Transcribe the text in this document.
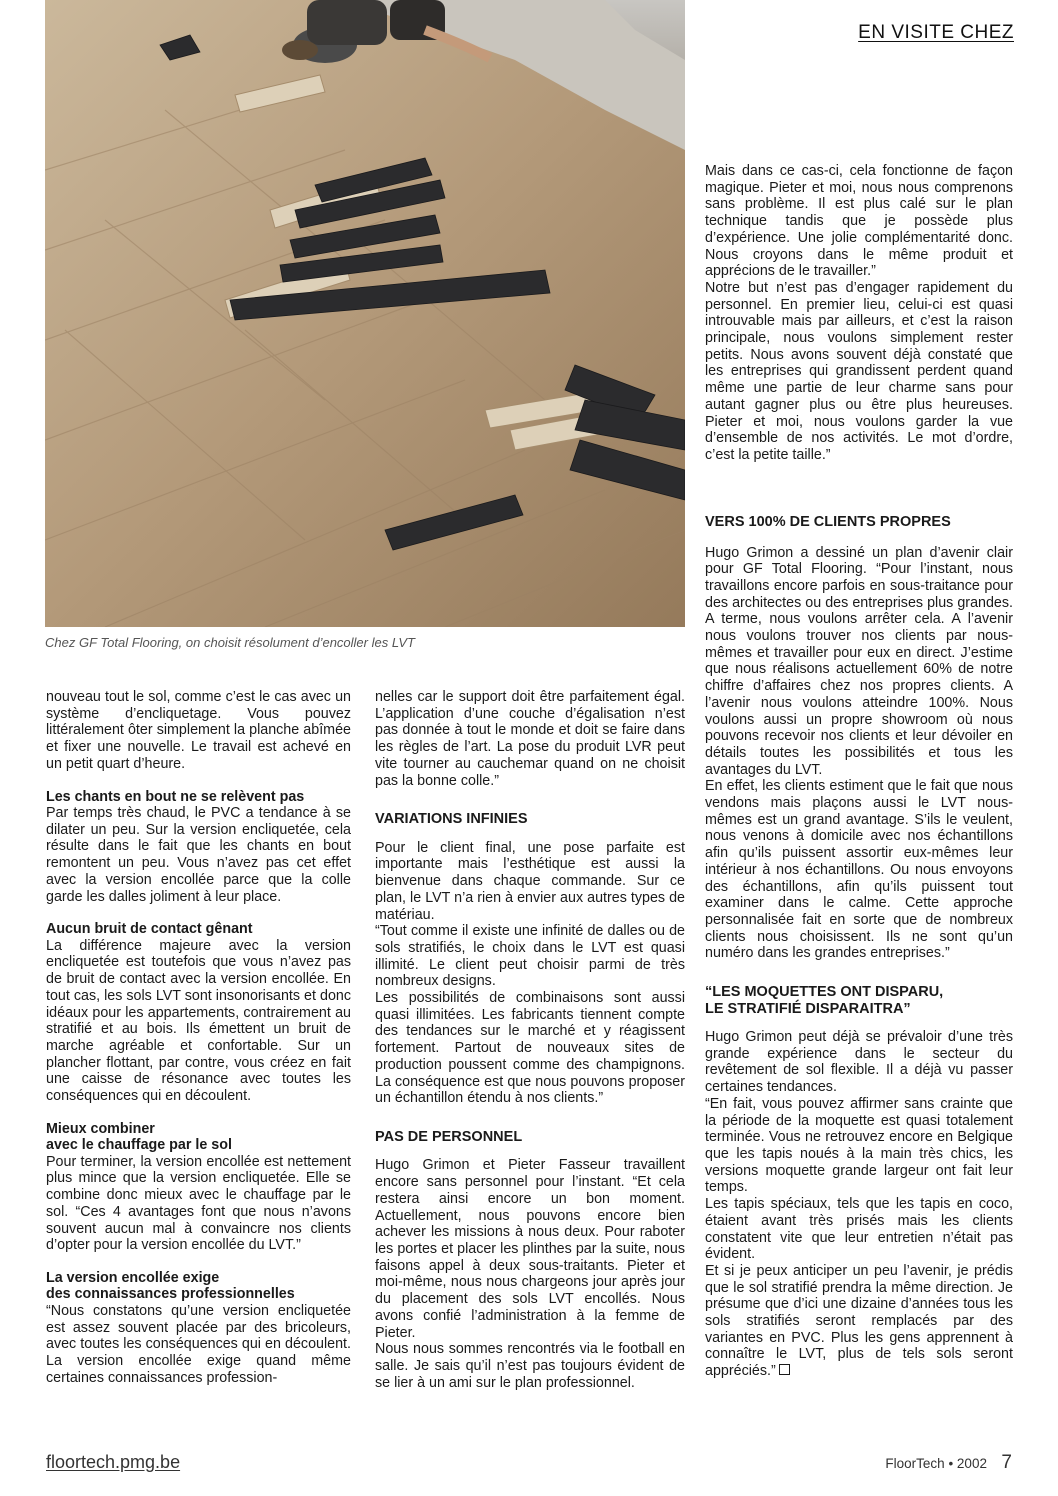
EN VISITE CHEZ
Chez GF Total Flooring, on choisit résolument d’encoller les LVT

nouveau tout le sol, comme c’est le cas avec un système d’encliquetage. Vous pouvez littéralement ôter simplement la planche abîmée et fixer une nouvelle. Le travail est achevé en un petit quart d’heure.

Les chants en bout ne se relèvent pas

Par temps très chaud, le PVC a tendance à se dilater un peu. Sur la version encliquetée, cela résulte dans le fait que les chants en bout remontent un peu. Vous n’avez pas cet effet avec la version encollée parce que la colle garde les dalles joliment à leur place.

Aucun bruit de contact gênant

La différence majeure avec la version encliquetée est toutefois que vous n’avez pas de bruit de contact avec la version encollée. En tout cas, les sols LVT sont insonorisants et donc idéaux pour les appartements, contrairement au stratifié et au bois. Ils émettent un bruit de marche agréable et confortable. Sur un plancher flottant, par contre, vous créez en fait une caisse de résonance avec toutes les conséquences qui en découlent.

Mieux combiner
avec le chauffage par le sol

Pour terminer, la version encollée est nettement plus mince que la version encliquetée. Elle se combine donc mieux avec le chauffage par le sol. “Ces 4 avantages font que nous n’avons souvent aucun mal à convaincre nos clients d’opter pour la version encollée du LVT.”

La version encollée exige
des connaissances professionnelles

“Nous constatons qu’une version encliquetée est assez souvent placée par des bricoleurs, avec toutes les conséquences qui en découlent. La version encollée exige quand même certaines connaissances profession-

nelles car le support doit être parfaitement égal. L’application d’une couche d’égalisation n’est pas donnée à tout le monde et doit se faire dans les règles de l’art. La pose du produit LVR peut vite tourner au cauchemar quand on ne choisit pas la bonne colle.”

VARIATIONS INFINIES

Pour le client final, une pose parfaite est importante mais l’esthétique est aussi la bienvenue dans chaque commande. Sur ce plan, le LVT n’a rien à envier aux autres types de matériau.

“Tout comme il existe une infinité de dalles ou de sols stratifiés, le choix dans le LVT est quasi illimité. Le client peut choisir parmi de très nombreux designs.

Les possibilités de combinaisons sont aussi quasi illimitées. Les fabricants tiennent compte des tendances sur le marché et y réagissent fortement. Partout de nouveaux sites de production poussent comme des champignons. La conséquence est que nous pouvons proposer un échantillon étendu à nos clients.”

PAS DE PERSONNEL

Hugo Grimon et Pieter Fasseur travaillent encore sans personnel pour l’instant. “Et cela restera ainsi encore un bon moment. Actuellement, nous pouvons encore bien achever les missions à nous deux. Pour raboter les portes et placer les plinthes par la suite, nous faisons appel à deux sous-traitants. Pieter et moi-même, nous nous chargeons jour après jour du placement des sols LVT encollés. Nous avons confié l’administration à la femme de Pieter.

Nous nous sommes rencontrés via le football en salle. Je sais qu’il n’est pas toujours évident de se lier à un ami sur le plan professionnel.

Mais dans ce cas-ci, cela fonctionne de façon magique. Pieter et moi, nous nous comprenons sans problème. Il est plus calé sur le plan technique tandis que je possède plus d’expérience. Une jolie complémentarité donc. Nous croyons dans le même produit et apprécions de le travailler.”

Notre but n’est pas d’engager rapidement du personnel. En premier lieu, celui-ci est quasi introuvable mais par ailleurs, et c’est la raison principale, nous voulons simplement rester petits. Nous avons souvent déjà constaté que les entreprises qui grandissent perdent quand même une partie de leur charme sans pour autant gagner plus ou être plus heureuses. Pieter et moi, nous voulons garder la vue d’ensemble de nos activités. Le mot d’ordre, c’est la petite taille.”

VERS 100% DE CLIENTS PROPRES

Hugo Grimon a dessiné un plan d’avenir clair pour GF Total Flooring. “Pour l’instant, nous travaillons encore parfois en sous-traitance pour des architectes ou des entreprises plus grandes. A terme, nous voulons arrêter cela. A l’avenir nous voulons trouver nos clients par nous-mêmes et travailler pour eux en direct. J’estime que nous réalisons actuellement 60% de notre chiffre d’affaires chez nos propres clients. A l’avenir nous voulons atteindre 100%. Nous voulons aussi un propre showroom où nous pouvons recevoir nos clients et leur dévoiler en détails toutes les possibilités et tous les avantages du LVT.

En effet, les clients estiment que le fait que nous vendons mais plaçons aussi le LVT nous-mêmes est un grand avantage. S’ils le veulent, nous venons à domicile avec nos échantillons afin qu’ils puissent assortir eux-mêmes leur intérieur à nos échantillons. Ou nous envoyons des échantillons, afin qu’ils puissent tout examiner dans le calme. Cette approche personnalisée fait en sorte que de nombreux clients nous choisissent. Ils ne sont qu’un numéro dans les grandes entreprises.”

“LES MOQUETTES ONT DISPARU,
LE STRATIFIÉ DISPARAITRA”

Hugo Grimon peut déjà se prévaloir d’une très grande expérience dans le secteur du revêtement de sol flexible. Il a déjà vu passer certaines tendances.

“En fait, vous pouvez affirmer sans crainte que la période de la moquette est quasi totalement terminée. Vous ne retrouvez encore en Belgique que les tapis noués à la main très chics, les versions moquette grande largeur ont fait leur temps.

Les tapis spéciaux, tels que les tapis en coco, étaient avant très prisés mais les clients constatent vite que leur entretien n’était pas évident.

Et si je peux anticiper un peu l’avenir, je prédis que le sol stratifié prendra la même direction. Je présume que d’ici une dizaine d’années tous les sols stratifiés seront remplacés par des variantes en PVC. Plus les gens apprennent à connaître le LVT, plus de tels sols seront appréciés.”

floortech.pmg.be	FloorTech • 2002 7
